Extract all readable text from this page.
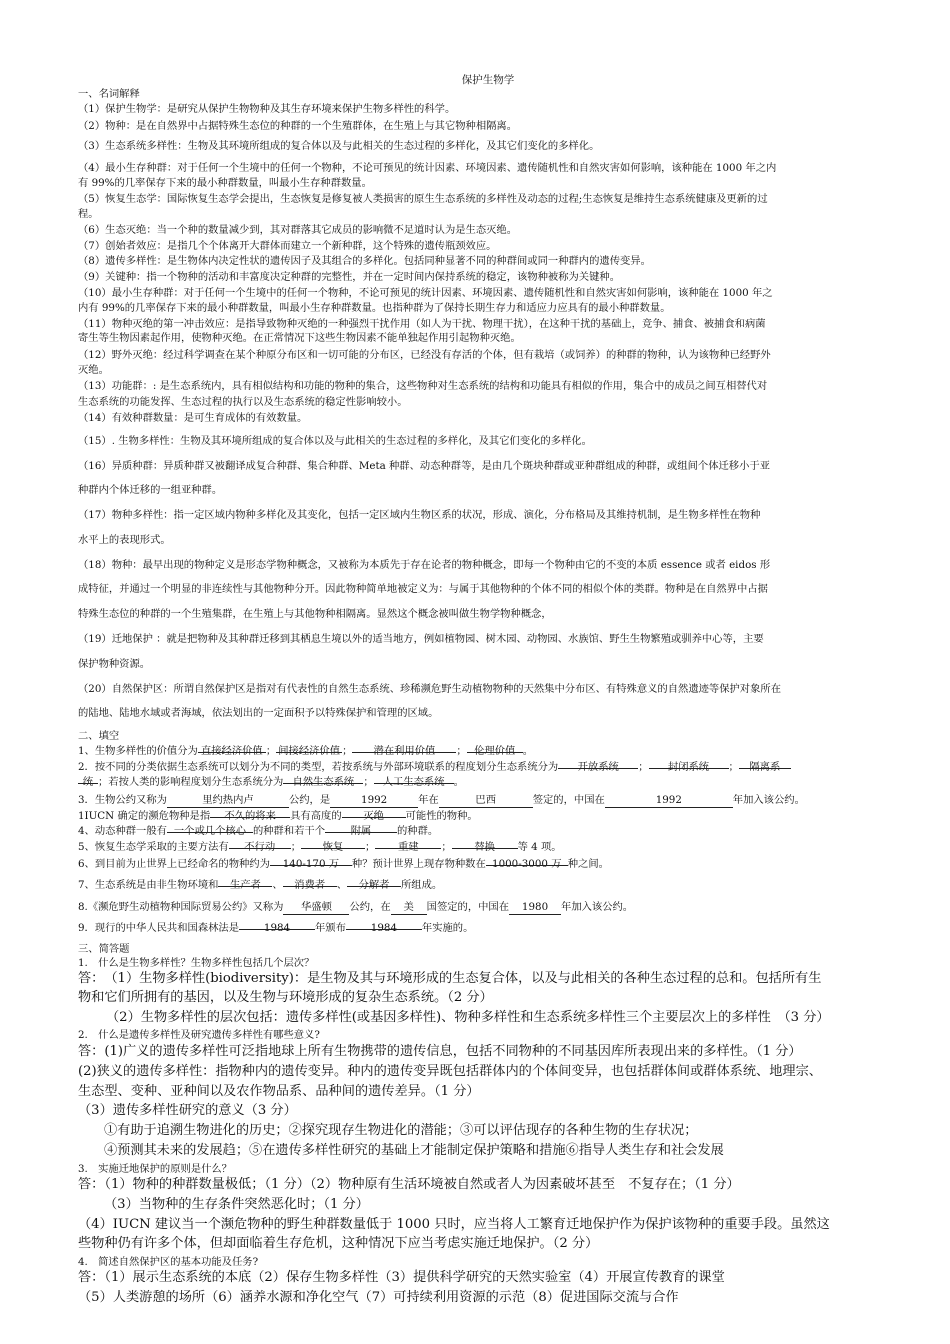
保护生物学
一、名词解释
（1）保护生物学：是研究从保护生物物种及其生存环境来保护生物多样性的科学。
（2）物种：是在自然界中占据特殊生态位的种群的一个生殖群体，在生殖上与其它物种相隔离。
（3）生态系统多样性：生物及其环境所组成的复合体以及与此相关的生态过程的多样化，及其它们变化的多样化。
（4）最小生存种群：对于任何一个生境中的任何一个物种，不论可预见的统计因素、环境因素、遗传随机性和自然灾害如何影响，该种能在 1000 年之内
有 99%的几率保存下来的最小种群数量，叫最小生存种群数量。
（5）恢复生态学：国际恢复生态学会提出，生态恢复是修复被人类损害的原生生态系统的多样性及动态的过程;生态恢复是维持生态系统健康及更新的过
程。
（6）生态灭绝：当一个种的数量减少到，其对群落其它成员的影响微不足道时认为是生态灭绝。
（7）创始者效应：是指几个个体离开大群体而建立一个新种群，这个特殊的遗传瓶颈效应。
（8）遗传多样性：是生物体内决定性状的遗传因子及其组合的多样化。包括同种显著不同的种群间或同一种群内的遗传变异。
（9）关键种：指一个物种的活动和丰富度决定种群的完整性，并在一定时间内保持系统的稳定，该物种被称为关键种。
（10）最小生存种群：对于任何一个生境中的任何一个物种，不论可预见的统计因素、环境因素、遗传随机性和自然灾害如何影响，该种能在 1000 年之
内有 99%的几率保存下来的最小种群数量，叫最小生存种群数量。也指种群为了保持长期生存力和适应力应具有的最小种群数量。
（11）物种灭绝的第一冲击效应：是指导致物种灭绝的一种强烈干扰作用（如人为干扰、物理干扰），在这种干扰的基础上，竞争、捕食、被捕食和病菌
寄生等生物因素起作用，使物种灭绝。在正常情况下这些生物因素不能单独起作用引起物种灭绝。
（12）野外灭绝：经过科学调查在某个种原分布区和一切可能的分布区，已经没有存活的个体，但有栽培（或饲养）的种群的物种，认为该物种已经野外
灭绝。
（13）功能群：: 是生态系统内，具有相似结构和功能的物种的集合，这些物种对生态系统的结构和功能具有相似的作用，集合中的成员之间互相替代对
生态系统的功能发挥、生态过程的执行以及生态系统的稳定性影响较小。
（14）有效种群数量：是可生育成体的有效数量。
（15）. 生物多样性：生物及其环境所组成的复合体以及与此相关的生态过程的多样化，及其它们变化的多样化。
（16）异质种群：异质种群又被翻译成复合种群、集合种群、Meta 种群、动态种群等，是由几个斑块种群或亚种群组成的种群，或组间个体迁移小于亚
种群内个体迁移的一组亚种群。
（17）物种多样性：指一定区域内物种多样化及其变化，包括一定区域内生物区系的状况，形成、演化，分布格局及其维持机制，是生物多样性在物种
水平上的表现形式。
（18）物种：最早出现的物种定义是形态学物种概念，又被称为本质先于存在论者的物种概念，即每一个物种由它的不变的本质 essence 或者 eidos 形
成特征，并通过一个明显的非连续性与其他物种分开。因此物种简单地被定义为：与属于其他物种的个体不同的相似个体的类群。物种是在自然界中占据
特殊生态位的种群的一个生殖集群，在生殖上与其他物种相隔离。显然这个概念被叫做生物学物种概念，
（19）迁地保护 ：就是把物种及其种群迁移到其栖息生境以外的适当地方，例如植物园、树木园、动物园、水族馆、野生生物繁殖或驯养中心等，主要
保护物种资源。
（20）自然保护区：所谓自然保护区是指对有代表性的自然生态系统、珍稀濒危野生动植物物种的天然集中分布区、有特殊意义的自然遗迹等保护对象所在
的陆地、陆地水域或者海域，依法划出的一定面积予以特殊保护和管理的区域。
二、填空
1、生物多样性的价值分为 直接经济价值 ； 间接经济价值 ； 潜在利用价值 ； 伦理价值 。
2．按不同的分类依据生态系统可以划分为不同的类型，若按系统与外部环境联系的程度划分生态系统分为 开放系统 ； 封闭系统 ； 隔离系
统 ；若按人类的影响程度划分生态系统分为 自然生态系统 ； 人工生态系统 。
3．生物公约又称为	里约热内卢	公约，是	1992	年在	巴西	签定的，中国在	1992	年加入该公约。
1IUCN 确定的濒危物种是指 不久的将来 具有高度的 灭绝 可能性的物种。
4、动态种群一般有 一个或几个核心 的种群和若干个 附属 的种群。
5、恢复生态学采取的主要方法有 不行动 ； 恢复 ； 重建 ； 替换 等 4 项。
6、到目前为止世界上已经命名的物种约为 140-170 万 种？预计世界上现存物种数在 1000-3000 万 种之间。
7、生态系统是由非生物环境和 生产者 、 消费者 、 分解者 所组成。
8.《濒危野生动植物种国际贸易公约》又称为 华盛顿 公约，在 美 国签定的，中国在 1980 年加入该公约。
9．现行的中华人民共和国森林法是 1984 年颁布 1984 年实施的。
三、简答题
1.　什么是生物多样性？生物多样性包括几个层次？
答：　（1）生物多样性(biodiversity)：是生物及其与环境形成的生态复合体，以及与此相关的各种生态过程的总和。包括所有生
物和它们所拥有的基因，以及生物与环境形成的复杂生态系统。（2 分）
（2）生物多样性的层次包括：遗传多样性(或基因多样性)、物种多样性和生态系统多样性三个主要层次上的多样性　（3 分）
2.　什么是遗传多样性及研究遗传多样性有哪些意义?
答：(1)广义的遗传多样性可泛指地球上所有生物携带的遗传信息，包括不同物种的不同基因库所表现出来的多样性。（1 分）
(2)狭义的遗传多样性：指物种内的遗传变异。种内的遗传变异既包括群体内的个体间变异，也包括群体间或群体系统、地理宗、
生态型、变种、亚种间以及农作物品系、品种间的遗传差异。（1 分）
（3）遗传多样性研究的意义（3 分）
①有助于追溯生物进化的历史；②探究现存生物进化的潜能；③可以评估现存的各种生物的生存状况；
④预测其未来的发展趋；⑤在遗传多样性研究的基础上才能制定保护策略和措施⑥指导人类生存和社会发展
3.　实施迁地保护的原则是什么？
答：（1）物种的种群数量极低；（1 分）（2）物种原有生活环境被自然或者人为因素破坏甚至　不复存在；（1 分）
（3）当物种的生存条件突然恶化时；（1 分）
（4）IUCN 建议当一个濒危物种的野生种群数量低于 1000 只时，应当将人工繁育迁地保护作为保护该物种的重要手段。虽然这
些物种仍有许多个体，但却面临着生存危机，这种情况下应当考虑实施迁地保护。（2 分）
4.　简述自然保护区的基本功能及任务?
答：（1）展示生态系统的本底（2）保存生物多样性（3）提供科学研究的天然实验室（4）开展宣传教育的课堂
（5）人类游憩的场所（6）涵养水源和净化空气（7）可持续利用资源的示范（8）促进国际交流与合作
